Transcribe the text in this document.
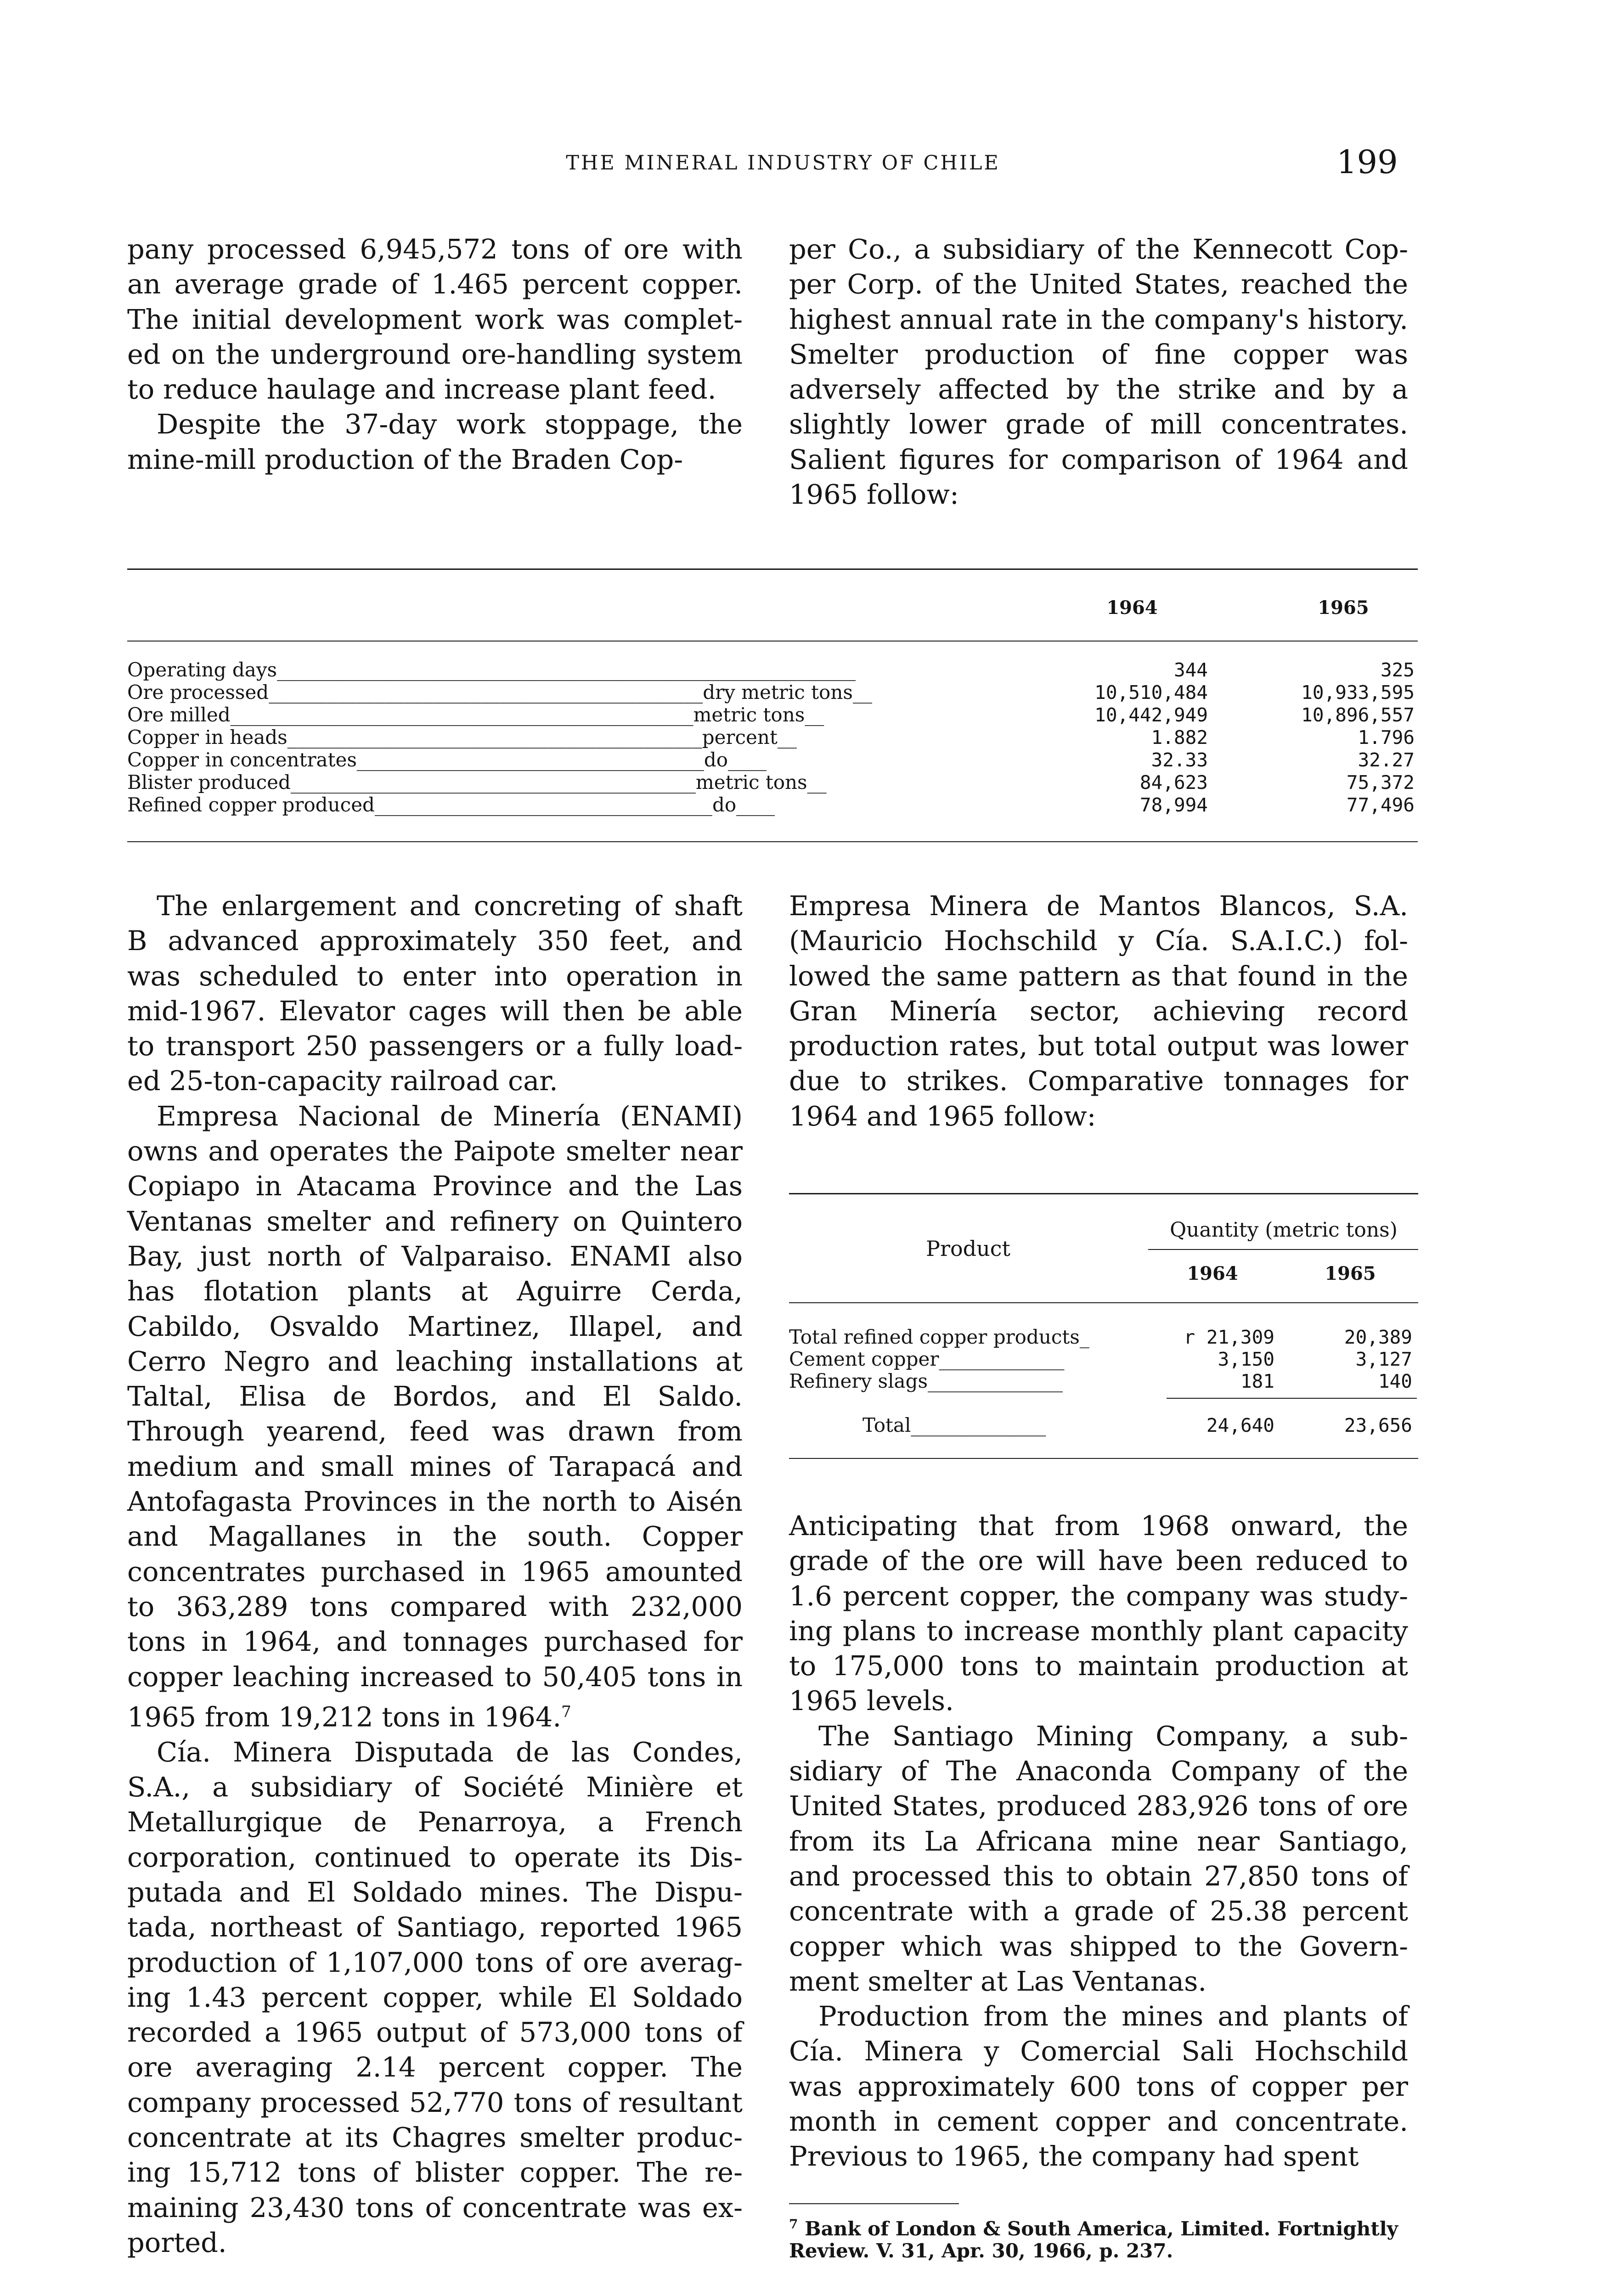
THE MINERAL INDUSTRY OF CHILE	199

pany processed 6,945,572 tons of ore with an average grade of 1.465 percent copper. The initial development work was completed on the underground ore-handling system to reduce haulage and increase plant feed.

Despite the 37-day work stoppage, the mine-mill production of the Braden Cop-

per Co., a subsidiary of the Kennecott Copper Corp. of the United States, reached the highest annual rate in the company's history. Smelter production of fine copper was adversely affected by the strike and by a slightly lower grade of mill concentrates. Salient figures for comparison of 1964 and 1965 follow:

1964	1965
Operating days____________________________________________________________	344	325
Ore processed_____________________________________________dry metric tons__	10,510,484	10,933,595
Ore milled________________________________________________metric tons__	10,442,949	10,896,557
Copper in heads___________________________________________percent__	1.882	1.796
Copper in concentrates____________________________________do____	32.33	32.27
Blister produced__________________________________________metric tons__	84,623	75,372
Refined copper produced___________________________________do____	78,994	77,496

The enlargement and concreting of shaft B advanced approximately 350 feet, and was scheduled to enter into operation in mid-1967. Elevator cages will then be able to transport 250 passengers or a fully loaded 25-ton-capacity railroad car.

Empresa Nacional de Minería (ENAMI) owns and operates the Paipote smelter near Copiapo in Atacama Province and the Las Ventanas smelter and refinery on Quintero Bay, just north of Valparaiso. ENAMI also has flotation plants at Aguirre Cerda, Cabildo, Osvaldo Martinez, Illapel, and Cerro Negro and leaching installations at Taltal, Elisa de Bordos, and El Saldo. Through yearend, feed was drawn from medium and small mines of Tarapacá and Antofagasta Provinces in the north to Aisén and Magallanes in the south. Copper concentrates purchased in 1965 amounted to 363,289 tons compared with 232,000 tons in 1964, and tonnages purchased for copper leaching increased to 50,405 tons in 1965 from 19,212 tons in 1964.$^7$

Cía. Minera Disputada de las Condes, S.A., a subsidiary of Société Minière et Metallurgique de Penarroya, a French corporation, continued to operate its Disputada and El Soldado mines. The Disputada, northeast of Santiago, reported 1965 production of 1,107,000 tons of ore averaging 1.43 percent copper, while El Soldado recorded a 1965 output of 573,000 tons of ore averaging 2.14 percent copper. The company processed 52,770 tons of resultant concentrate at its Chagres smelter producing 15,712 tons of blister copper. The remaining 23,430 tons of concentrate was exported.

Empresa Minera de Mantos Blancos, S.A. (Mauricio Hochschild y Cía. S.A.I.C.) followed the same pattern as that found in the Gran Minería sector, achieving record production rates, but total output was lower due to strikes. Comparative tonnages for 1964 and 1965 follow:

Product
Quantity (metric tons)
1964	1965
Total refined copper products_	r 21,309	20,389
Cement copper_____________	3,150	3,127
Refinery slags______________	181	140
Total______________	24,640	23,656

Anticipating that from 1968 onward, the grade of the ore will have been reduced to 1.6 percent copper, the company was studying plans to increase monthly plant capacity to 175,000 tons to maintain production at 1965 levels.

The Santiago Mining Company, a subsidiary of The Anaconda Company of the United States, produced 283,926 tons of ore from its La Africana mine near Santiago, and processed this to obtain 27,850 tons of concentrate with a grade of 25.38 percent copper which was shipped to the Government smelter at Las Ventanas.

Production from the mines and plants of Cía. Minera y Comercial Sali Hochschild was approximately 600 tons of copper per month in cement copper and concentrate. Previous to 1965, the company had spent

$^7$ Bank of London & South America, Limited. Fortnightly Review. V. 31, Apr. 30, 1966, p. 237.
